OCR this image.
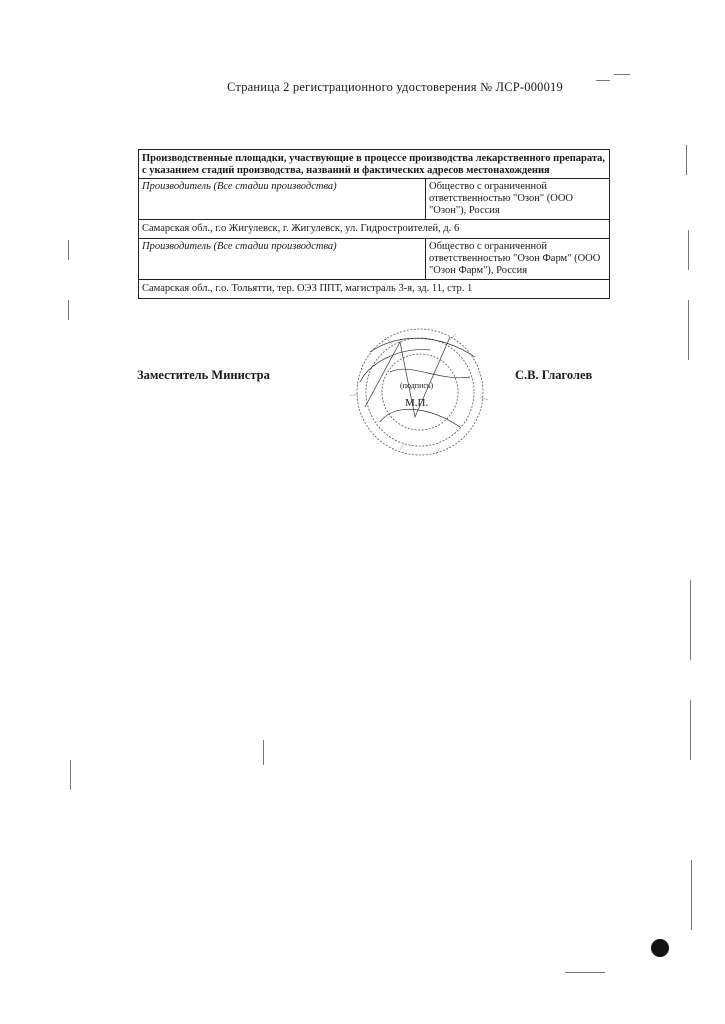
Страница 2 регистрационного удостоверения № ЛСР-000019
Производственные площадки, участвующие в процессе производства лекарственного препарата, с указанием стадий производства, названий и фактических адресов местонахождения	
Производитель (Все стадии производства)	Общество с ограниченной ответственностью "Озон" (ООО "Озон"), Россия
Самарская обл., г.о Жигулевск, г. Жигулевск, ул. Гидростроителей, д. 6	
Производитель (Все стадии производства)	Общество с ограниченной ответственностью "Озон Фарм" (ООО "Озон Фарм"), Россия
Самарская обл., г.о. Тольятти, тер. ОЭЗ ППТ, магистраль 3-я, зд. 11, стр. 1	
Заместитель Министра
(подпись)
М.П.
С.В. Глаголев
